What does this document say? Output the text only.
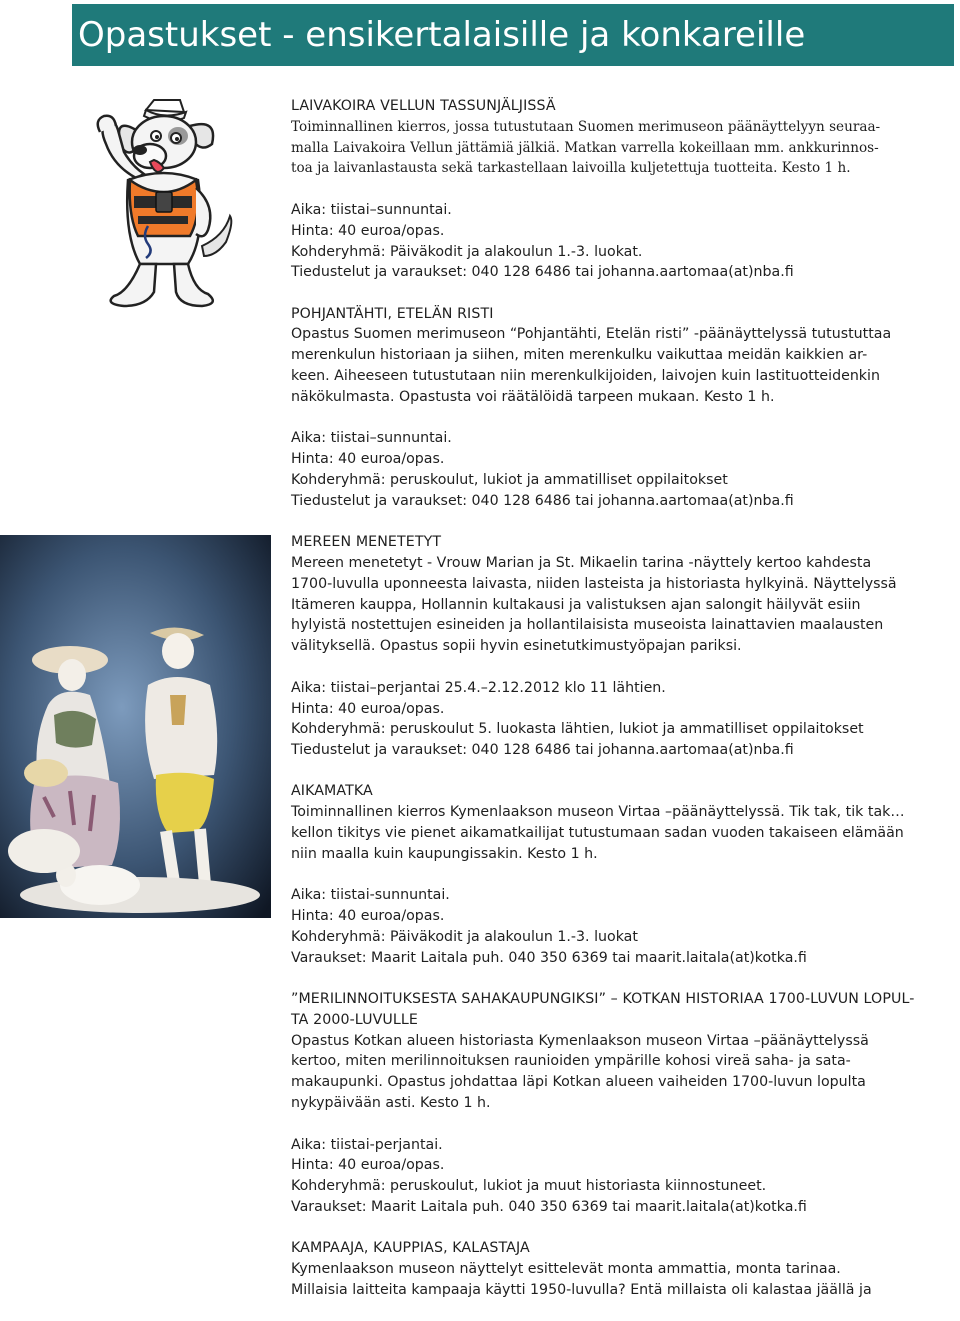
Opastukset - ensikertalaisille ja konkareille

LAIVAKOIRA VELLUN TASSUNJÄLJISSÄ

Toiminnallinen kierros, jossa tutustutaan Suomen merimuseon päänäyttelyyn seuraa-

malla Laivakoira Vellun jättämiä jälkiä. Matkan varrella kokeillaan mm. ankkurinnos-

toa ja laivanlastausta sekä tarkastellaan laivoilla kuljetettuja tuotteita. Kesto 1 h.

Aika: tiistai–sunnuntai.

Hinta: 40 euroa/opas.

Kohderyhmä: Päiväkodit ja alakoulun 1.-3. luokat.

Tiedustelut ja varaukset: 040 128 6486 tai johanna.aartomaa(at)nba.fi

POHJANTÄHTI, ETELÄN RISTI

Opastus Suomen merimuseon “Pohjantähti, Etelän risti” -päänäyttelyssä tutustuttaa

merenkulun historiaan ja siihen, miten merenkulku vaikuttaa meidän kaikkien ar-

keen. Aiheeseen tutustutaan niin merenkulkijoiden, laivojen kuin lastituotteidenkin

näkökulmasta. Opastusta voi räätälöidä tarpeen mukaan. Kesto 1 h.

Aika: tiistai–sunnuntai.

Hinta: 40 euroa/opas.

Kohderyhmä: peruskoulut, lukiot ja ammatilliset oppilaitokset

Tiedustelut ja varaukset: 040 128 6486 tai johanna.aartomaa(at)nba.fi

MEREEN MENETETYT

Mereen menetetyt - Vrouw Marian ja St. Mikaelin tarina -näyttely kertoo kahdesta

1700-luvulla uponneesta laivasta, niiden lasteista ja historiasta hylkyinä. Näyttelyssä

Itämeren kauppa, Hollannin kultakausi ja valistuksen ajan salongit häilyvät esiin

hylyistä nostettujen esineiden ja hollantilaisista museoista lainattavien maalausten

välityksellä. Opastus sopii hyvin esinetutkimustyöpajan pariksi.

Aika: tiistai–perjantai 25.4.–2.12.2012 klo 11 lähtien.

Hinta: 40 euroa/opas.

Kohderyhmä: peruskoulut 5. luokasta lähtien, lukiot ja ammatilliset oppilaitokset

Tiedustelut ja varaukset: 040 128 6486 tai johanna.aartomaa(at)nba.fi

AIKAMATKA

Toiminnallinen kierros Kymenlaakson museon Virtaa –päänäyttelyssä. Tik tak, tik tak…

kellon tikitys vie pienet aikamatkailijat tutustumaan sadan vuoden takaiseen elämään

niin maalla kuin kaupungissakin. Kesto 1 h.

Aika: tiistai-sunnuntai.

Hinta: 40 euroa/opas.

Kohderyhmä: Päiväkodit ja alakoulun 1.-3. luokat

Varaukset: Maarit Laitala puh. 040 350 6369 tai maarit.laitala(at)kotka.fi

”MERILINNOITUKSESTA SAHAKAUPUNGIKSI” – KOTKAN HISTORIAA 1700-LUVUN LOPUL-

TA 2000-LUVULLE

Opastus Kotkan alueen historiasta Kymenlaakson museon Virtaa –päänäyttelyssä

kertoo, miten merilinnoituksen raunioiden ympärille kohosi vireä saha- ja sata-

makaupunki. Opastus johdattaa läpi Kotkan alueen vaiheiden 1700-luvun lopulta

nykypäivään asti. Kesto 1 h.

Aika: tiistai-perjantai.

Hinta: 40 euroa/opas.

Kohderyhmä: peruskoulut, lukiot ja muut historiasta kiinnostuneet.

Varaukset: Maarit Laitala puh. 040 350 6369 tai maarit.laitala(at)kotka.fi

KAMPAAJA, KAUPPIAS, KALASTAJA

Kymenlaakson museon näyttelyt esittelevät monta ammattia, monta tarinaa.

Millaisia laitteita kampaaja käytti 1950-luvulla? Entä millaista oli kalastaa jäällä ja
